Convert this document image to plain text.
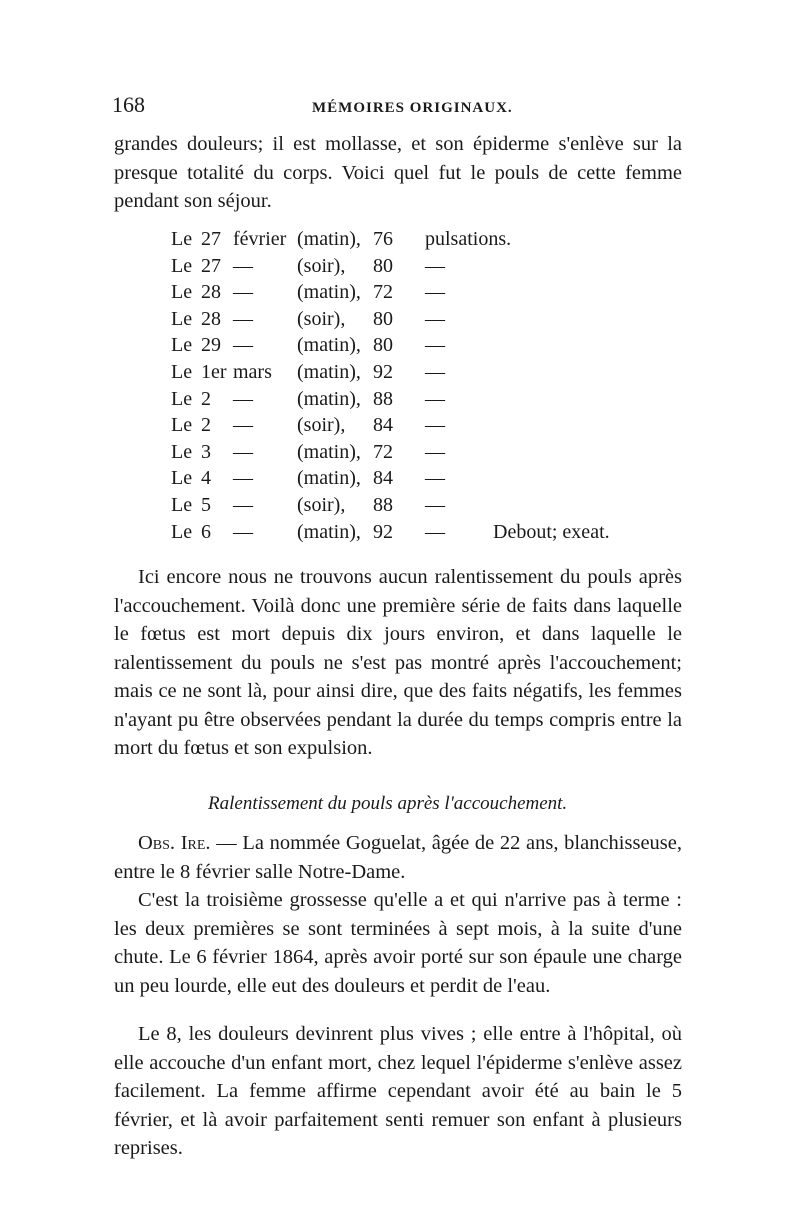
168	MÉMOIRES ORIGINAUX.

grandes douleurs; il est mollasse, et son épiderme s'enlève sur la presque totalité du corps. Voici quel fut le pouls de cette femme pendant son séjour.

Le 27 février (matin), 76 pulsations.
Le 27 — (soir), 80 —
Le 28 — (matin), 72 —
Le 28 — (soir), 80 —
Le 29 — (matin), 80 —
Le 1er mars (matin), 92 —
Le 2 — (matin), 88 —
Le 2 — (soir), 84 —
Le 3 — (matin), 72 —
Le 4 — (matin), 84 —
Le 5 — (soir), 88 —
Le 6 — (matin), 92 — Debout; exeat.

Ici encore nous ne trouvons aucun ralentissement du pouls après l'accouchement. Voilà donc une première série de faits dans laquelle le fœtus est mort depuis dix jours environ, et dans laquelle le ralentissement du pouls ne s'est pas montré après l'accouchement; mais ce ne sont là, pour ainsi dire, que des faits négatifs, les femmes n'ayant pu être observées pendant la durée du temps compris entre la mort du fœtus et son expulsion.

Ralentissement du pouls après l'accouchement.

Obs. Ire. — La nommée Goguelat, âgée de 22 ans, blanchisseuse, entre le 8 février salle Notre-Dame.

C'est la troisième grossesse qu'elle a et qui n'arrive pas à terme : les deux premières se sont terminées à sept mois, à la suite d'une chute. Le 6 février 1864, après avoir porté sur son épaule une charge un peu lourde, elle eut des douleurs et perdit de l'eau.

Le 8, les douleurs devinrent plus vives ; elle entre à l'hôpital, où elle accouche d'un enfant mort, chez lequel l'épiderme s'enlève assez facilement. La femme affirme cependant avoir été au bain le 5 février, et là avoir parfaitement senti remuer son enfant à plusieurs reprises.
